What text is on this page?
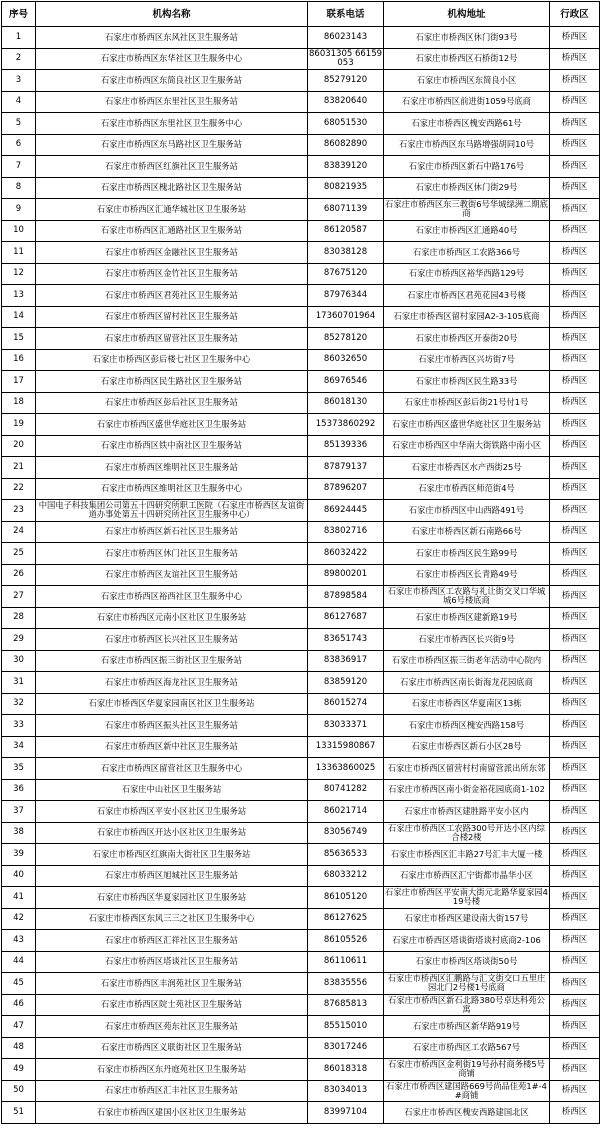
序号	机构名称	联系电话	机构地址	行政区
1	石家庄市桥西区东风社区卫生服务站	86023143	石家庄市桥西区休门街93号	桥西区
2	石家庄市桥西区东华社区卫生服务中心	86031305 66159053	石家庄市桥西区石桥街12号	桥西区
3	石家庄市桥西区东简良社区卫生服务站	85279120	石家庄市桥西区东简良小区	桥西区
4	石家庄市桥西区东里社区卫生服务站	83820640	石家庄市桥西区前进街1059号底商	桥西区
5	石家庄市桥西区东里社区卫生服务中心	68051530	石家庄市桥西区槐安西路61号	桥西区
6	石家庄市桥西区东马路社区卫生服务站	86082890	石家庄市桥西区东马路增强胡同10号	桥西区
7	石家庄市桥西区红旗社区卫生服务站	83839120	石家庄市桥西区新石中路176号	桥西区
8	石家庄市桥西区槐北路社区卫生服务站	80821935	石家庄市桥西区休门街29号	桥西区
9	石家庄市桥西区汇通华城社区卫生服务站	68071139	石家庄市桥西区东三教街6号华城绿洲二期底商	桥西区
10	石家庄市桥西区汇通路社区卫生服务站	86120587	石家庄市桥西区汇通路40号	桥西区
11	石家庄市桥西区金融社区卫生服务站	83038128	石家庄市桥西区工农路366号	桥西区
12	石家庄市桥西区金竹社区卫生服务站	87675120	石家庄市桥西区裕华西路129号	桥西区
13	石家庄市桥西区君苑社区卫生服务站	87976344	石家庄市桥西区君苑花园43号楼	桥西区
14	石家庄市桥西区留村社区卫生服务站	17360701964	石家庄市桥西区留村家园A2-3-105底商	桥西区
15	石家庄市桥西区留营社区卫生服务站	85278120	石家庄市桥西区开泰街20号	桥西区
16	石家庄市桥西区彭后楼七社区卫生服务中心	86032650	石家庄市桥西区兴坊街7号	桥西区
17	石家庄市桥西区民生路社区卫生服务站	86976546	石家庄市桥西区民生路33号	桥西区
18	石家庄市桥西区彭后社区卫生服务站	86018130	石家庄市桥西区彭后街21号付1号	桥西区
19	石家庄市桥西区盛世华庭社区卫生服务站	15373860292	石家庄市桥西区盛世华庭社区卫生服务站	桥西区
20	石家庄市桥西区铁中南社区卫生服务站	85139336	石家庄市桥西区中华南大街铁路中南小区	桥西区
21	石家庄市桥西区维明社区卫生服务站	87879137	石家庄市桥西区水产西街25号	桥西区
22	石家庄市桥西区维明社区卫生服务中心	87896207	石家庄市桥西区师范街4号	桥西区
23	中国电子科技集团公司第五十四研究所职工医院（石家庄市桥西区友谊街道办事处第五十四研究所社区卫生服务中心）	86924445	石家庄市桥西区中山西路491号	桥西区
24	石家庄市桥西区新石社区卫生服务站	83802716	石家庄市桥西区新石南路66号	桥西区
25	石家庄市桥西区休门社区卫生服务站	86032422	石家庄市桥西区民生路99号	桥西区
26	石家庄市桥西区友谊社区卫生服务站	89800201	石家庄市桥西区长青路49号	桥西区
27	石家庄市桥西区裕西社区卫生服务中心	87898584	石家庄市桥西区工农路与礼让街交叉口华城城6号楼底商	桥西区
28	石家庄市桥西区元南小区社区卫生服务站	86127687	石家庄市桥西区建新路19号	桥西区
29	石家庄市桥西区长兴社区卫生服务站	83651743	石家庄市桥西区长兴街9号	桥西区
30	石家庄市桥西区振三街社区卫生服务站	83836917	石家庄市桥西区振三街老年活动中心院内	桥西区
31	石家庄市桥西区海龙社区卫生服务站	83859120	石家庄市桥西区南长街海龙花园底商	桥西区
32	石家庄市桥西区华夏家园南区社区卫生服务站	86015274	石家庄市桥西区华夏南区13栋	桥西区
33	石家庄市桥西区振头社区卫生服务站	83033371	石家庄市桥西区槐安西路158号	桥西区
34	石家庄市桥西区新中社区卫生服务站	13315980867	石家庄市桥西区新石小区28号	桥西区
35	石家庄市桥西区留营社区卫生服务中心	13363860025	石家庄市桥西区留营村村南留营派出所东邻	桥西区
36	石家庄中山社区卫生服务站	80741282	石家庄市桥西区南小街金裕花园底商1-102	桥西区
37	石家庄市桥西区平安小区社区卫生服务站	86021714	石家庄市桥西区建胜路平安小区内	桥西区
38	石家庄市桥西区开达小区社区卫生服务站	83056749	石家庄市桥西区工农路300号开达小区内综合楼2楼	桥西区
39	石家庄市桥西区红旗南大街社区卫生服务站	85636533	石家庄市桥西区汇丰路27号汇丰大厦一楼	桥西区
40	石家庄市桥西区旭城社区卫生服务站	68033212	石家庄市桥西区汇宁街都市晶华小区	桥西区
41	石家庄市桥西区华夏家园社区卫生服务站	86105120	石家庄市桥西区平安南大街元北路华夏家园419号楼	桥西区
42	石家庄市桥西区东风三三之社区卫生服务中心	86127625	石家庄市桥西区建设南大街157号	桥西区
43	石家庄市桥西区汇祥社区卫生服务站	86105526	石家庄市桥西区塔谈街塔谈村底商2-106	桥西区
44	石家庄市桥西区塔谈社区卫生服务站	86110611	石家庄市桥西区塔谈街50号	桥西区
45	石家庄市桥西区丰润苑社区卫生服务站	83835556	石家庄市桥西区汇鹏路与汇文街交口五里庄园北门2号楼1号底商	桥西区
46	石家庄市桥西区院士苑社区卫生服务站	87685813	石家庄市桥西区新石北路380号卓达科苑公寓	桥西区
47	石家庄市桥西区苑东社区卫生服务站	85515010	石家庄市桥西区新华路919号	桥西区
48	石家庄市桥西区义联街社区卫生服务站	83017246	石家庄市桥西区工农路567号	桥西区
49	石家庄市桥西区东丹庭苑社区卫生服务站	86018318	石家庄市桥西区金利街19号孙村商务楼5号商铺	桥西区
50	石家庄市桥西区汇丰社区卫生服务站	83034013	石家庄市桥西区建国路669号尚品佳苑1#-4#商铺	桥西区
51	石家庄市桥西区建国小区社区卫生服务站	83997104	石家庄市桥西区槐安西路建国北区	桥西区
